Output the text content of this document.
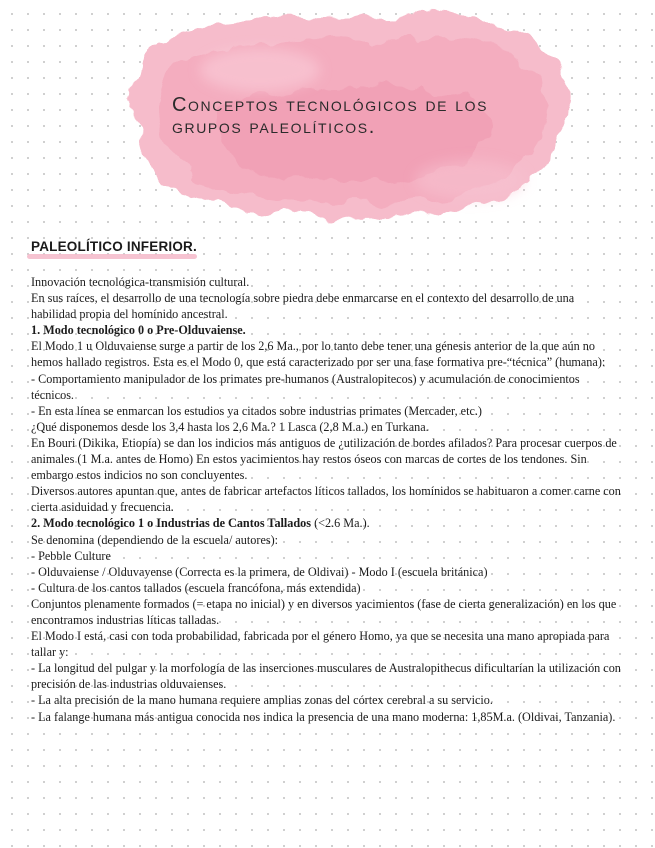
Conceptos tecnológicos de los grupos paleolíticos.
PALEOLÍTICO INFERIOR.

Innovación tecnológica-transmisión cultural.

En sus raíces, el desarrollo de una tecnología sobre piedra debe enmarcarse en el contexto del desarrollo de una habilidad propia del homínido ancestral.

1. Modo tecnológico 0 o Pre-Olduvaiense.

El Modo 1 u Olduvaiense surge a partir de los 2,6 Ma., por lo tanto debe tener una génesis anterior de la que aún no hemos hallado registros. Esta es el Modo 0, que está caracterizado por ser una fase formativa pre-“técnica” (humana):

- Comportamiento manipulador de los primates pre-humanos (Australopitecos) y acumulación de conocimientos técnicos.

- En esta línea se enmarcan los estudios ya citados sobre industrias primates (Mercader, etc.)

¿Qué disponemos desde los 3,4 hasta los 2,6 Ma.? 1 Lasca (2,8 M.a.) en Turkana.

En Bouri (Dikika, Etiopía) se dan los indicios más antiguos de ¿utilización de bordes afilados? Para procesar cuerpos de animales (1 M.a. antes de Homo) En estos yacimientos hay restos óseos con marcas de cortes de los tendones. Sin embargo estos indicios no son concluyentes.

Diversos autores apuntan que, antes de fabricar artefactos líticos tallados, los homínidos se habituaron a comer carne con cierta asiduidad y frecuencia.

2. Modo tecnológico 1 o Industrias de Cantos Tallados (<2.6 Ma.).

Se denomina (dependiendo de la escuela/ autores):

- Pebble Culture

- Olduvaiense / Olduvayense (Correcta es la primera, de Oldivai) - Modo I (escuela británica)

- Cultura de los cantos tallados (escuela francófona, más extendida)

Conjuntos plenamente formados (= etapa no inicial) y en diversos yacimientos (fase de cierta generalización) en los que encontramos industrias líticas talladas.

El Modo I está, casi con toda probabilidad, fabricada por el género Homo, ya que se necesita una mano apropiada para tallar y:

- La longitud del pulgar y la morfología de las inserciones musculares de Australopithecus dificultarían la utilización con precisión de las industrias olduvaienses.

- La alta precisión de la mano humana requiere amplias zonas del córtex cerebral a su servicio.

- La falange humana más antigua conocida nos indica la presencia de una mano moderna: 1,85M.a. (Oldivai, Tanzania).
